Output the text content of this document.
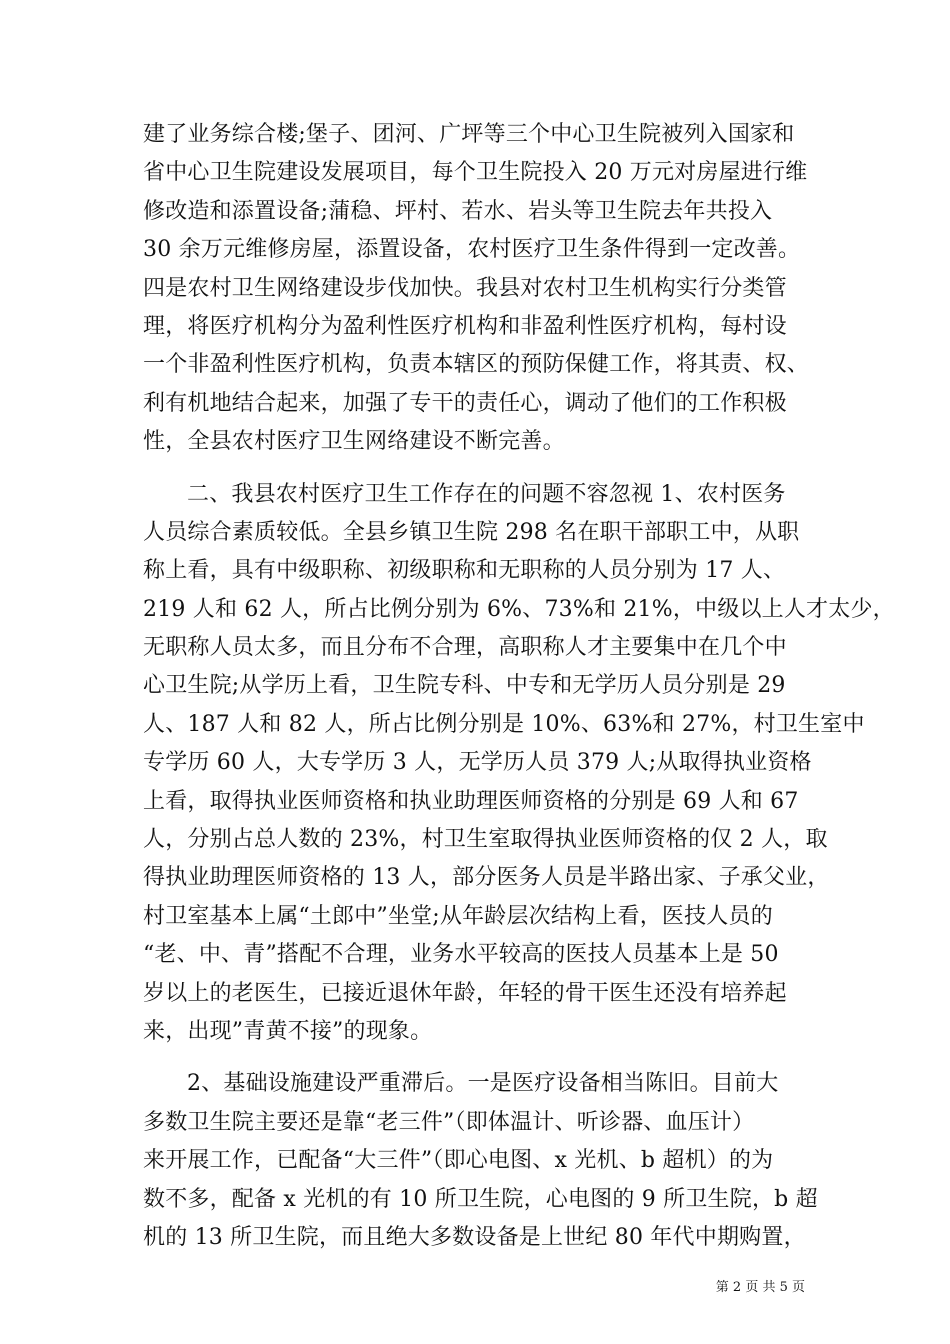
建了业务综合楼;堡子、团河、广坪等三个中心卫生院被列入国家和
省中心卫生院建设发展项目，每个卫生院投入 20 万元对房屋进行维
修改造和添置设备;蒲稳、坪村、若水、岩头等卫生院去年共投入
30 余万元维修房屋，添置设备，农村医疗卫生条件得到一定改善。
四是农村卫生网络建设步伐加快。我县对农村卫生机构实行分类管
理，将医疗机构分为盈利性医疗机构和非盈利性医疗机构，每村设
一个非盈利性医疗机构，负责本辖区的预防保健工作，将其责、权、
利有机地结合起来，加强了专干的责任心，调动了他们的工作积极
性，全县农村医疗卫生网络建设不断完善。
二、我县农村医疗卫生工作存在的问题不容忽视 1、农村医务
人员综合素质较低。全县乡镇卫生院 298 名在职干部职工中，从职
称上看，具有中级职称、初级职称和无职称的人员分别为 17 人、
219 人和 62 人，所占比例分别为 6%、73%和 21%，中级以上人才太少，
无职称人员太多，而且分布不合理，高职称人才主要集中在几个中
心卫生院;从学历上看，卫生院专科、中专和无学历人员分别是 29
人、187 人和 82 人，所占比例分别是 10%、63%和 27%，村卫生室中
专学历 60 人，大专学历 3 人，无学历人员 379 人;从取得执业资格
上看，取得执业医师资格和执业助理医师资格的分别是 69 人和 67
人，分别占总人数的 23%，村卫生室取得执业医师资格的仅 2 人，取
得执业助理医师资格的 13 人，部分医务人员是半路出家、子承父业，
村卫室基本上属“土郎中”坐堂;从年龄层次结构上看，医技人员的
“老、中、青”搭配不合理，业务水平较高的医技人员基本上是 50
岁以上的老医生，已接近退休年龄，年轻的骨干医生还没有培养起
来，出现”青黄不接”的现象。
2、基础设施建设严重滞后。一是医疗设备相当陈旧。目前大
多数卫生院主要还是靠“老三件”（即体温计、听诊器、血压计）
来开展工作，已配备“大三件”（即心电图、x 光机、b 超机）的为
数不多，配备 x 光机的有 10 所卫生院，心电图的 9 所卫生院，b 超
机的 13 所卫生院，而且绝大多数设备是上世纪 80 年代中期购置，
第 2 页 共 5 页
